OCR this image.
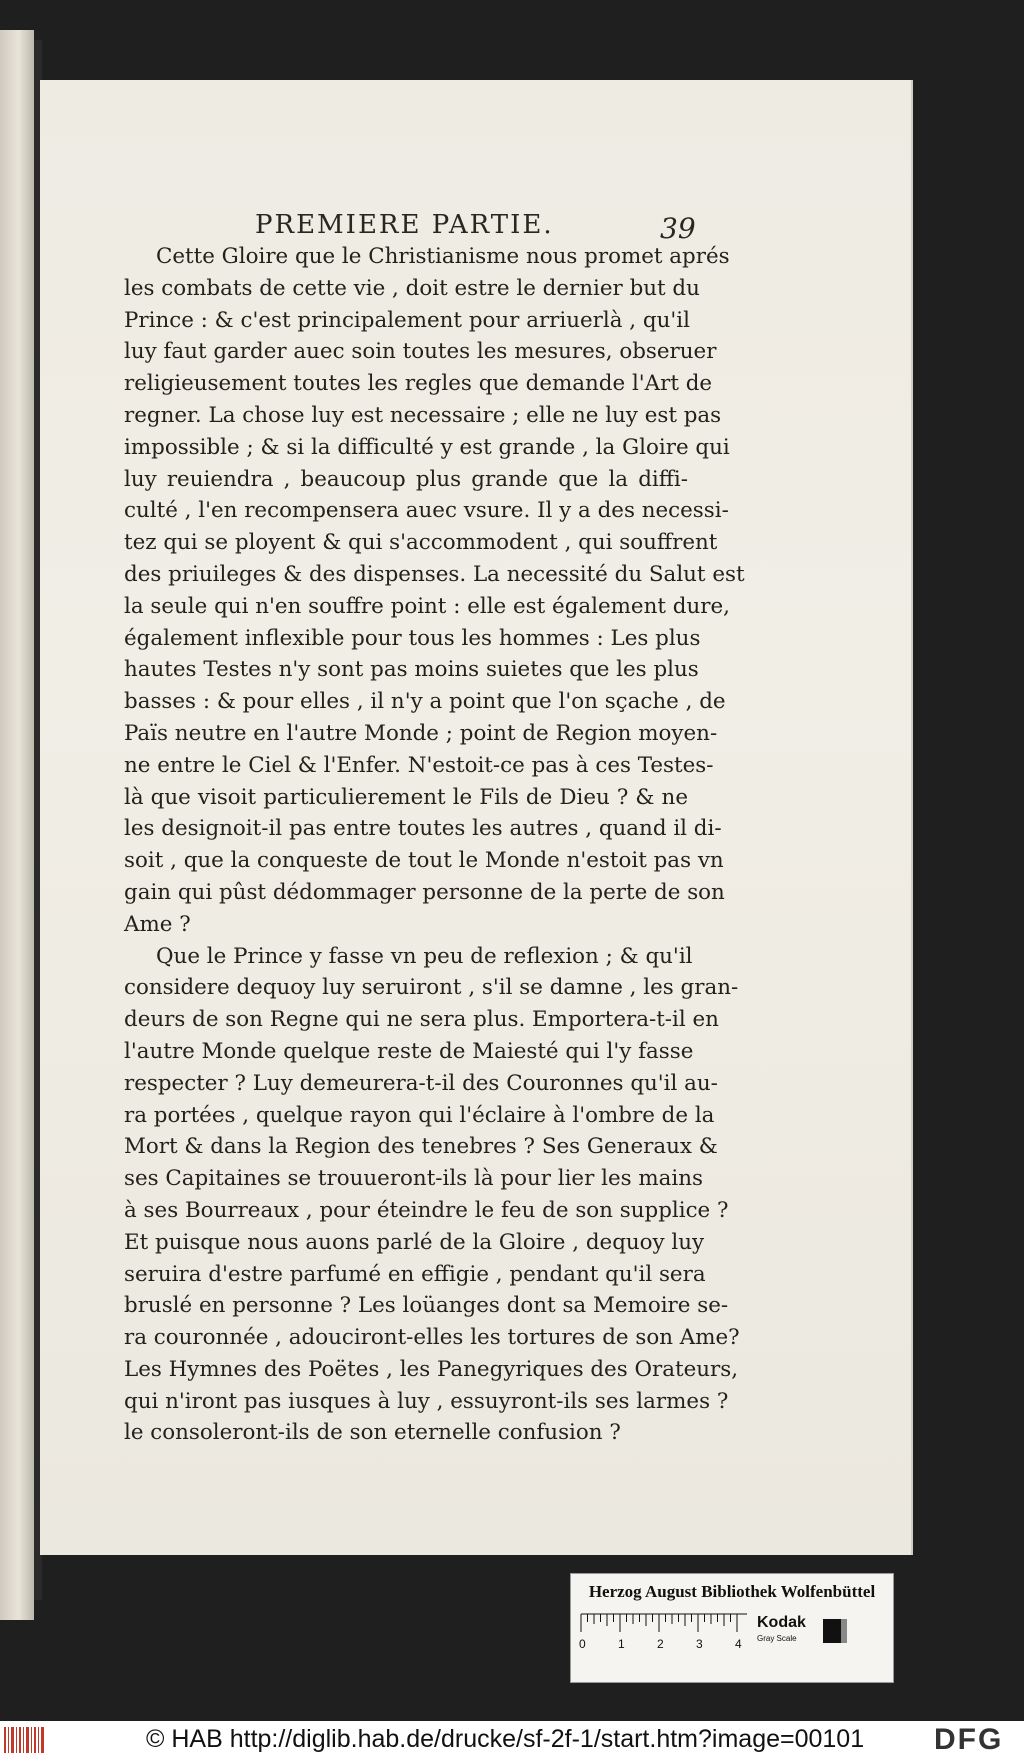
PREMIERE PARTIE.	39
Cette Gloire que le Christianisme nous promet aprés
les combats de cette vie , doit estre le dernier but du
Prince : & c'est principalement pour arriuerlà , qu'il
luy faut garder auec soin toutes les mesures, obseruer
religieusement toutes les regles que demande l'Art de
regner. La chose luy est necessaire ; elle ne luy est pas
impossible ; & si la difficulté y est grande , la Gloire qui
luy reuiendra , beaucoup plus grande que la diffi-
culté , l'en recompensera auec vsure. Il y a des necessi-
tez qui se ployent & qui s'accommodent , qui souffrent
des priuileges & des dispenses. La necessité du Salut est
la seule qui n'en souffre point : elle est également dure,
également inflexible pour tous les hommes : Les plus
hautes Testes n'y sont pas moins suietes que les plus
basses : & pour elles , il n'y a point que l'on sçache , de
Païs neutre en l'autre Monde ; point de Region moyen-
ne entre le Ciel & l'Enfer. N'estoit-ce pas à ces Testes-
là que visoit particulierement le Fils de Dieu ? & ne
les designoit-il pas entre toutes les autres , quand il di-
soit , que la conqueste de tout le Monde n'estoit pas vn
gain qui pûst dédommager personne de la perte de son
Ame ?
Que le Prince y fasse vn peu de reflexion ; & qu'il
considere dequoy luy seruiront , s'il se damne , les gran-
deurs de son Regne qui ne sera plus. Emportera-t-il en
l'autre Monde quelque reste de Maiesté qui l'y fasse
respecter ? Luy demeurera-t-il des Couronnes qu'il au-
ra portées , quelque rayon qui l'éclaire à l'ombre de la
Mort & dans la Region des tenebres ? Ses Generaux &
ses Capitaines se trouueront-ils là pour lier les mains
à ses Bourreaux , pour éteindre le feu de son supplice ?
Et puisque nous auons parlé de la Gloire , dequoy luy
seruira d'estre parfumé en effigie , pendant qu'il sera
bruslé en personne ? Les loüanges dont sa Memoire se-
ra couronnée , adouciront-elles les tortures de son Ame?
Les Hymnes des Poëtes , les Panegyriques des Orateurs,
qui n'iront pas iusques à luy , essuyront-ils ses larmes ?
le consoleront-ils de son eternelle confusion ?
Herzog August Bibliothek Wolfenbüttel
0	1	2	3	4
Kodak
Gray Scale
© HAB http://diglib.hab.de/drucke/sf-2f-1/start.htm?image=00101 DFG
